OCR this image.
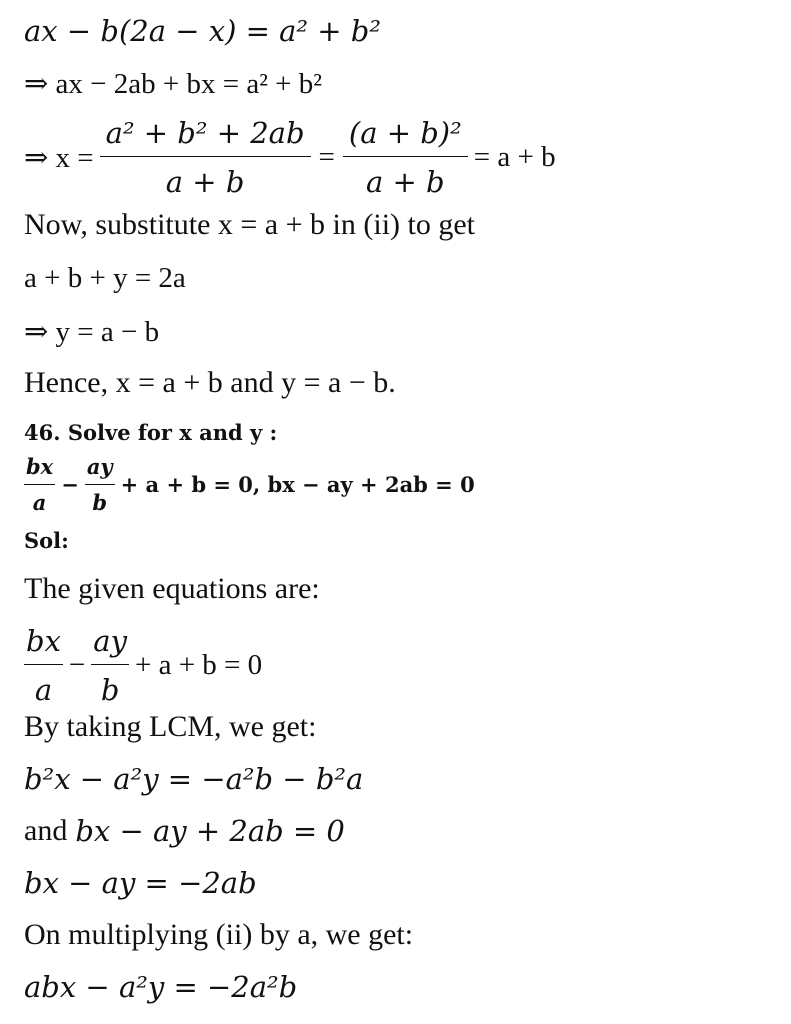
ax − b(2a − x) = a² + b²
⇒ ax − 2ab + bx = a² + b²
⇒ $x = \frac{\text{a² + b² + 2ab}}{a + b} = \frac{\text{(a + b)²}}{a + b} = a + b$
Now, substitute x = a + b in (ii) to get
a + b + y = 2a
⇒ y = a − b
Hence, x = a + b and y = a − b.
46. Solve for x and y :
$\frac{bx}{a} - \frac{ay}{b} + a + b = 0$, bx − ay + 2ab = 0
Sol:
The given equations are:
$\frac{bx}{a} - \frac{ay}{b} + a + b = 0$
By taking LCM, we get:
b²x − a²y = −a²b − b²a
and bx − ay + 2ab = 0
bx − ay = −2ab
On multiplying (ii) by a, we get:
abx − a²y = −2a²b
